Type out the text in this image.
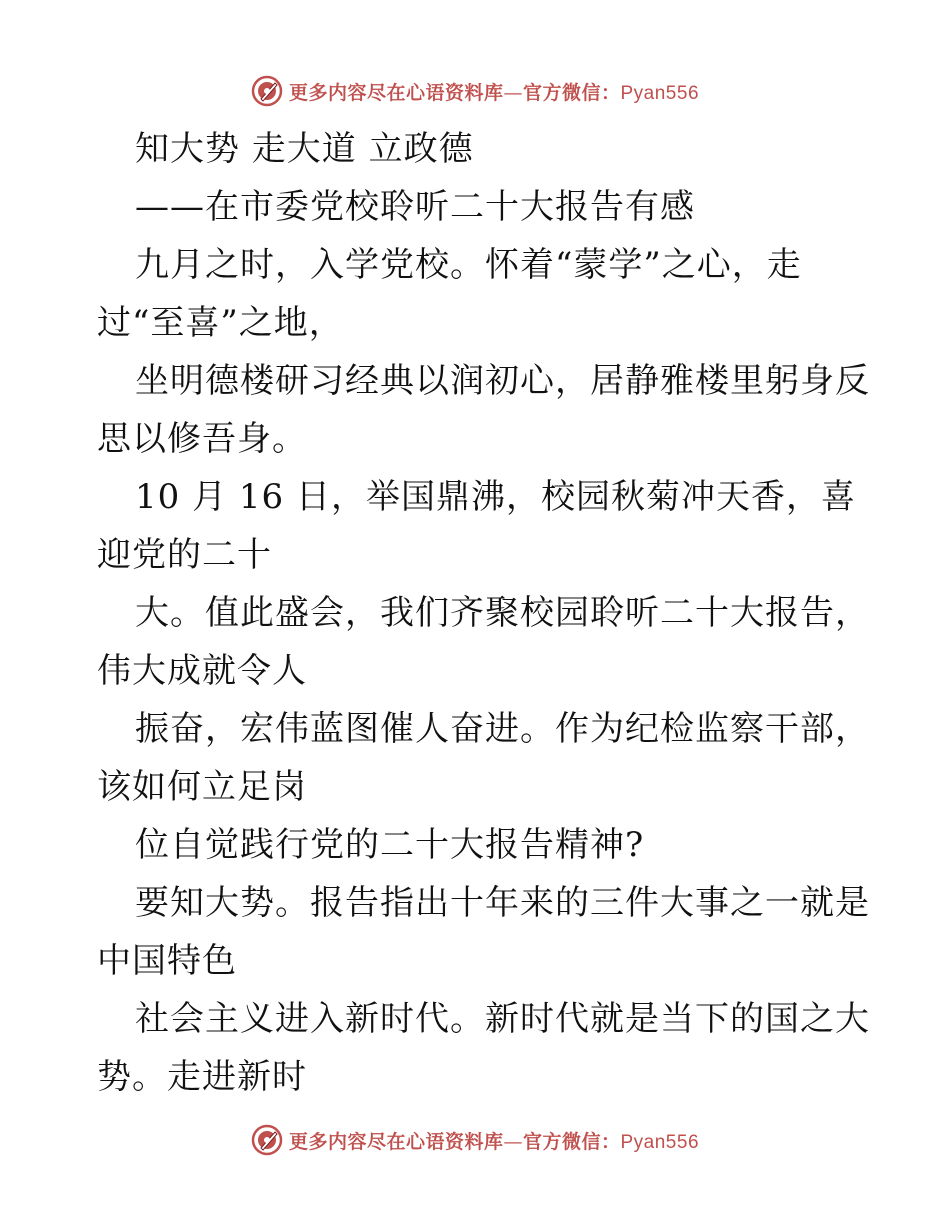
更多内容尽在心语资料库—官方微信：Pyan556
知大势 走大道 立政德
——在市委党校聆听二十大报告有感
九月之时，入学党校。怀着“蒙学”之心，走
过“至喜”之地，
坐明德楼研习经典以润初心，居静雅楼里躬身反
思以修吾身。
10 月 16 日，举国鼎沸，校园秋菊冲天香，喜
迎党的二十
大。值此盛会，我们齐聚校园聆听二十大报告，
伟大成就令人
振奋，宏伟蓝图催人奋进。作为纪检监察干部，
该如何立足岗
位自觉践行党的二十大报告精神?
要知大势。报告指出十年来的三件大事之一就是
中国特色
社会主义进入新时代。新时代就是当下的国之大
势。走进新时
更多内容尽在心语资料库—官方微信：Pyan556
